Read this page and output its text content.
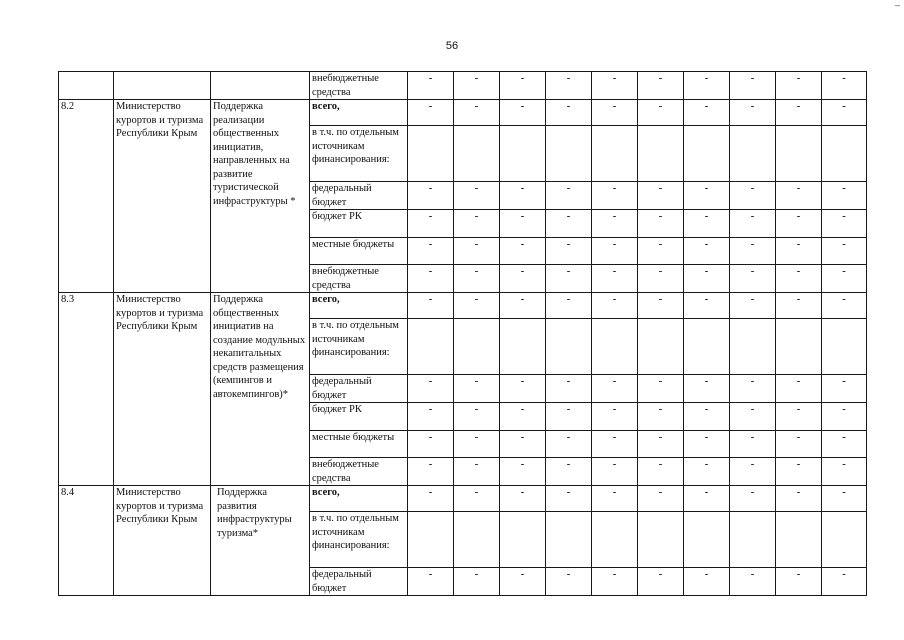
56
–
			внебюджетные средства	-	-	-	-	-	-	-	-	-	-
8.2	Министерство курортов и туризма Республики Крым	Поддержка реализации общественных инициатив, направленных на развитие туристической инфраструктуры *	всего,	-	-	-	-	-	-	-	-	-	-
			в т.ч. по отдельным источникам финансирования:										
			федеральный бюджет	-	-	-	-	-	-	-	-	-	-
			бюджет РК	-	-	-	-	-	-	-	-	-	-
			местные бюджеты	-	-	-	-	-	-	-	-	-	-
			внебюджетные средства	-	-	-	-	-	-	-	-	-	-
8.3	Министерство курортов и туризма Республики Крым	Поддержка общественных инициатив на создание модульных некапитальных средств размещения (кемпингов и автокемпингов)*	всего,	-	-	-	-	-	-	-	-	-	-
			в т.ч. по отдельным источникам финансирования:										
			федеральный бюджет	-	-	-	-	-	-	-	-	-	-
			бюджет РК	-	-	-	-	-	-	-	-	-	-
			местные бюджеты	-	-	-	-	-	-	-	-	-	-
			внебюджетные средства	-	-	-	-	-	-	-	-	-	-
8.4	Министерство курортов и туризма Республики Крым	Поддержка развития инфраструктуры туризма*	всего,	-	-	-	-	-	-	-	-	-	-
			в т.ч. по отдельным источникам финансирования:										
			федеральный бюджет	-	-	-	-	-	-	-	-	-	-
